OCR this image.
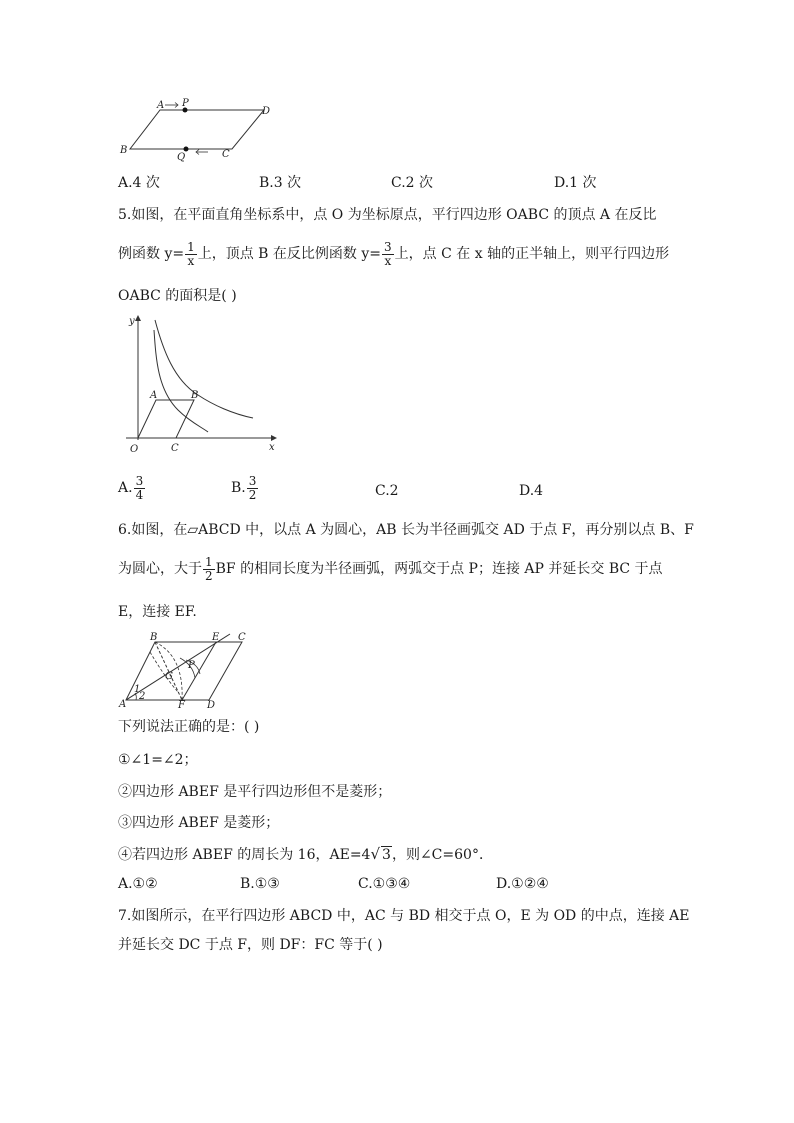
A P
D
B
Q	C
A.4 次	B.3 次	C.2 次	D.1 次
5.如图，在平面直角坐标系中，点 O 为坐标原点，平行四边形 OABC 的顶点 A 在反比
例函数 $y= \frac{1}{x}$ 上，顶点 B 在反比例函数 $y= \frac{3}{x}$ 上，点 C 在 x 轴的正半轴上，则平行四边形
OABC 的面积是( )
y
x
O
A	B
C
A. $\frac{3}{4}$	B. $\frac{3}{2}$	C.2	D.4
6.如图，在▱ABCD 中，以点 A 为圆心，AB 长为半径画弧交 AD 于点 F，再分别以点 B、F
为圆心，大于 $\frac{1}{2}$ BF 的相同长度为半径画弧，两弧交于点 P；连接 AP 并延长交 BC 于点
E，连接 EF.
B	E C
P
G
A	F D
1
2
下列说法正确的是：( )
①∠1=∠2；
②四边形 ABEF 是平行四边形但不是菱形；
③四边形 ABEF 是菱形；
④若四边形 ABEF 的周长为 16，AE=4√ 3，则∠C=60°．
A.①②	B.①③	C.①③④	D.①②④
7.如图所示，在平行四边形 ABCD 中，AC 与 BD 相交于点 O，E 为 OD 的中点，连接 AE
并延长交 DC 于点 F，则 DF：FC 等于( )
